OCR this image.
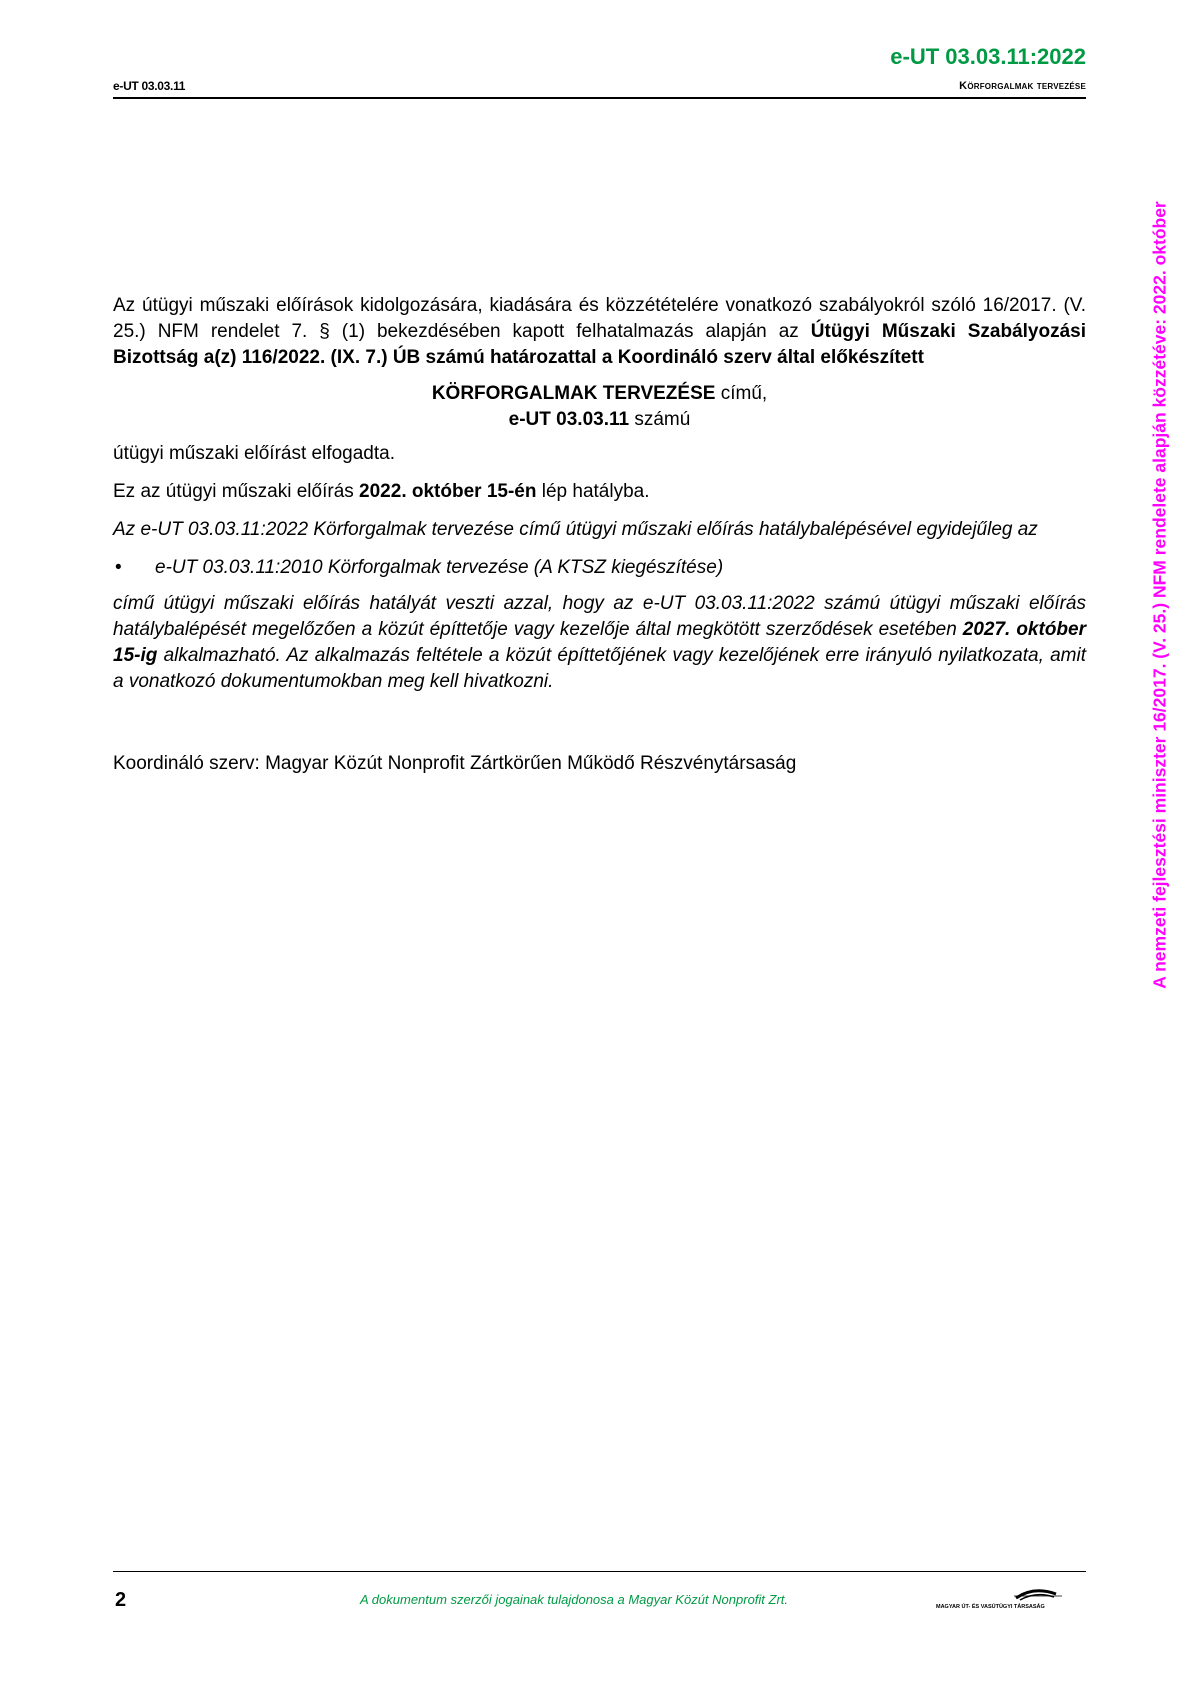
e-UT 03.03.11:2022
e-UT 03.03.11	Körforgalmak tervezése

Az útügyi műszaki előírások kidolgozására, kiadására és közzétételére vonatkozó szabályokról szóló 16/2017. (V. 25.) NFM rendelet 7. § (1) bekezdésében kapott felhatalmazás alapján az Útügyi Műszaki Szabályozási Bizottság a(z) 116/2022. (IX. 7.) ÚB számú határozattal a Koordináló szerv által előkészített

KÖRFORGALMAK TERVEZÉSE című,

e-UT 03.03.11 számú

útügyi műszaki előírást elfogadta.

Ez az útügyi műszaki előírás 2022. október 15-én lép hatályba.

Az e-UT 03.03.11:2022 Körforgalmak tervezése című útügyi műszaki előírás hatálybalépésével egyidejűleg az

•	e-UT 03.03.11:2010 Körforgalmak tervezése (A KTSZ kiegészítése)

című útügyi műszaki előírás hatályát veszti azzal, hogy az e-UT 03.03.11:2022 számú útügyi műszaki előírás hatálybalépését megelőzően a közút építtetője vagy kezelője által megkötött szerződések esetében 2027. október 15-ig alkalmazható. Az alkalmazás feltétele a közút építtetőjének vagy kezelőjének erre irányuló nyilatkozata, amit a vonatkozó dokumentumokban meg kell hivatkozni.

Koordináló szerv: Magyar Közút Nonprofit Zártkörűen Működő Részvénytársaság	A nemzeti fejlesztési miniszter 16/2017. (V. 25.) NFM rendelete alapján közzétéve: 2022. október
2	A dokumentum szerzői jogainak tulajdonosa a Magyar Közút Nonprofit Zrt.	MAGYAR ÚT- ÉS VASÚTÜGYI TÁRSASÁG
